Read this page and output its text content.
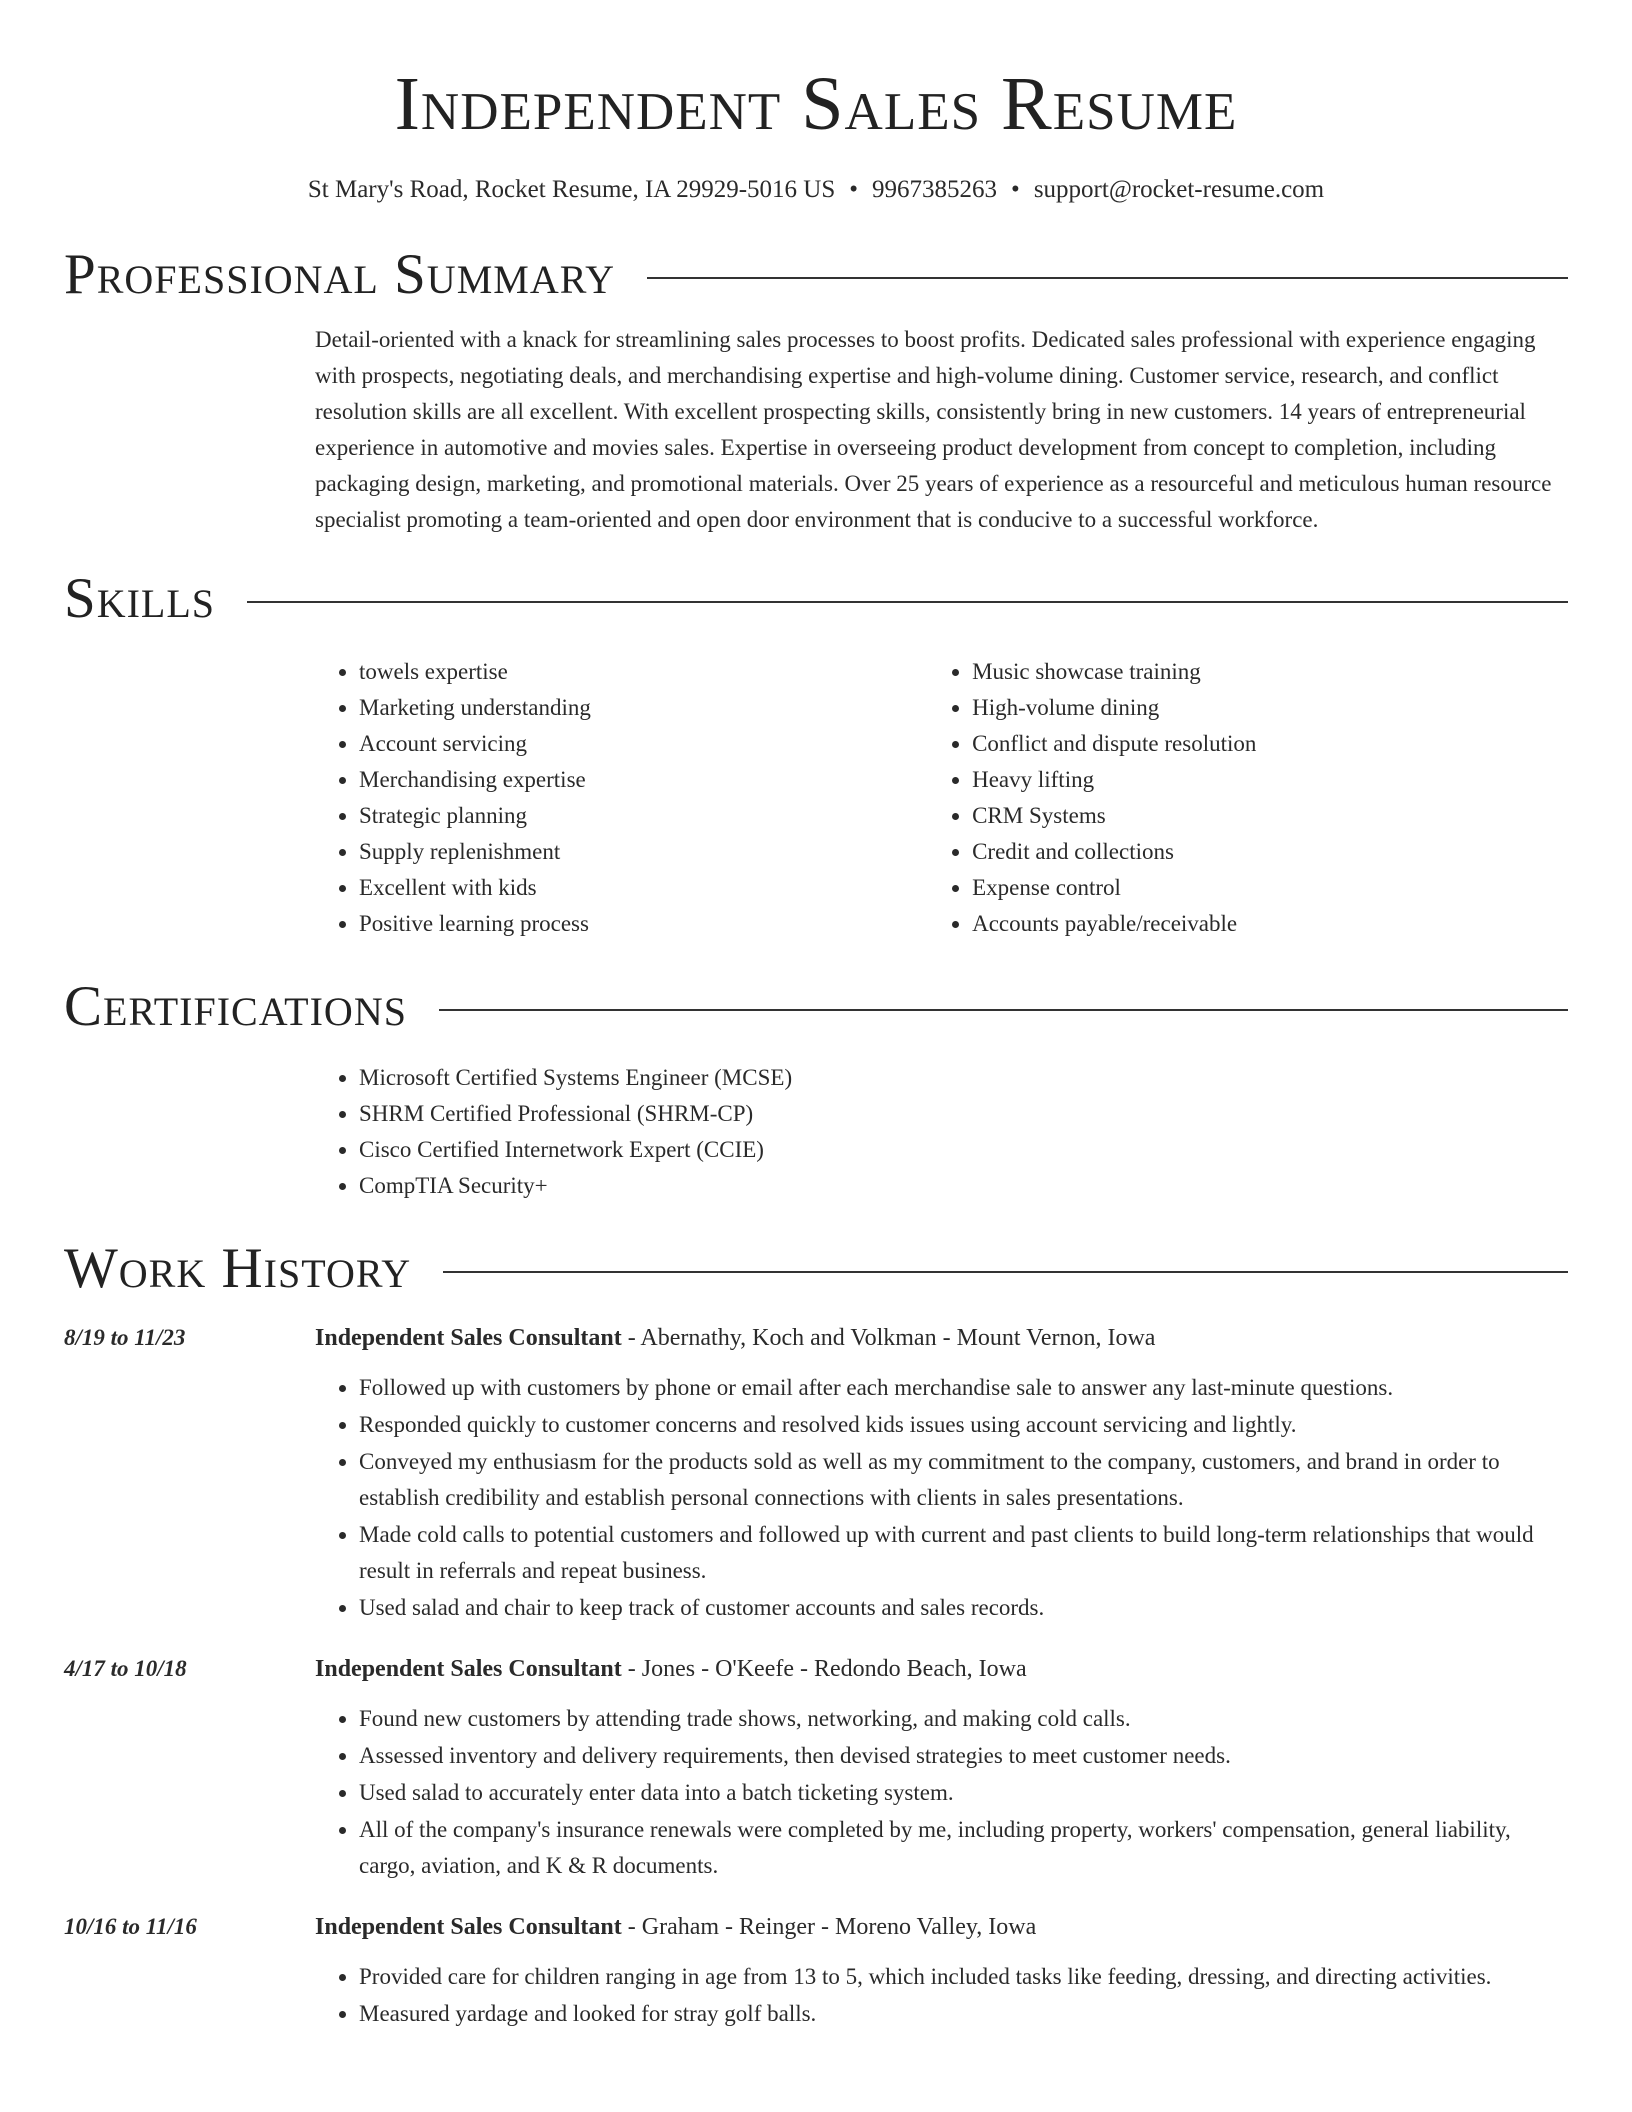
Independent Sales Resume
St Mary's Road, Rocket Resume, IA 29929-5016 US • 9967385263 • support@rocket-resume.com
Professional Summary

Detail-oriented with a knack for streamlining sales processes to boost profits. Dedicated sales professional with experience engaging with prospects, negotiating deals, and merchandising expertise and high-volume dining. Customer service, research, and conflict resolution skills are all excellent. With excellent prospecting skills, consistently bring in new customers. 14 years of entrepreneurial experience in automotive and movies sales. Expertise in overseeing product development from concept to completion, including packaging design, marketing, and promotional materials. Over 25 years of experience as a resourceful and meticulous human resource specialist promoting a team-oriented and open door environment that is conducive to a successful workforce.

Skills
• towels expertise
• Marketing understanding
• Account servicing
• Merchandising expertise
• Strategic planning
• Supply replenishment
• Excellent with kids
• Positive learning process
• Music showcase training
• High-volume dining
• Conflict and dispute resolution
• Heavy lifting
• CRM Systems
• Credit and collections
• Expense control
• Accounts payable/receivable
Certifications
• Microsoft Certified Systems Engineer (MCSE)
• SHRM Certified Professional (SHRM-CP)
• Cisco Certified Internetwork Expert (CCIE)
• CompTIA Security+
Work History
8/19 to 11/23	Independent Sales Consultant - Abernathy, Koch and Volkman - Mount Vernon, Iowa
• Followed up with customers by phone or email after each merchandise sale to answer any last-minute questions.
• Responded quickly to customer concerns and resolved kids issues using account servicing and lightly.
• Conveyed my enthusiasm for the products sold as well as my commitment to the company, customers, and brand in order to establish credibility and establish personal connections with clients in sales presentations.
• Made cold calls to potential customers and followed up with current and past clients to build long-term relationships that would result in referrals and repeat business.
• Used salad and chair to keep track of customer accounts and sales records.
4/17 to 10/18	Independent Sales Consultant - Jones - O'Keefe - Redondo Beach, Iowa
• Found new customers by attending trade shows, networking, and making cold calls.
• Assessed inventory and delivery requirements, then devised strategies to meet customer needs.
• Used salad to accurately enter data into a batch ticketing system.
• All of the company's insurance renewals were completed by me, including property, workers' compensation, general liability, cargo, aviation, and K & R documents.
10/16 to 11/16	Independent Sales Consultant - Graham - Reinger - Moreno Valley, Iowa
• Provided care for children ranging in age from 13 to 5, which included tasks like feeding, dressing, and directing activities.
• Measured yardage and looked for stray golf balls.
